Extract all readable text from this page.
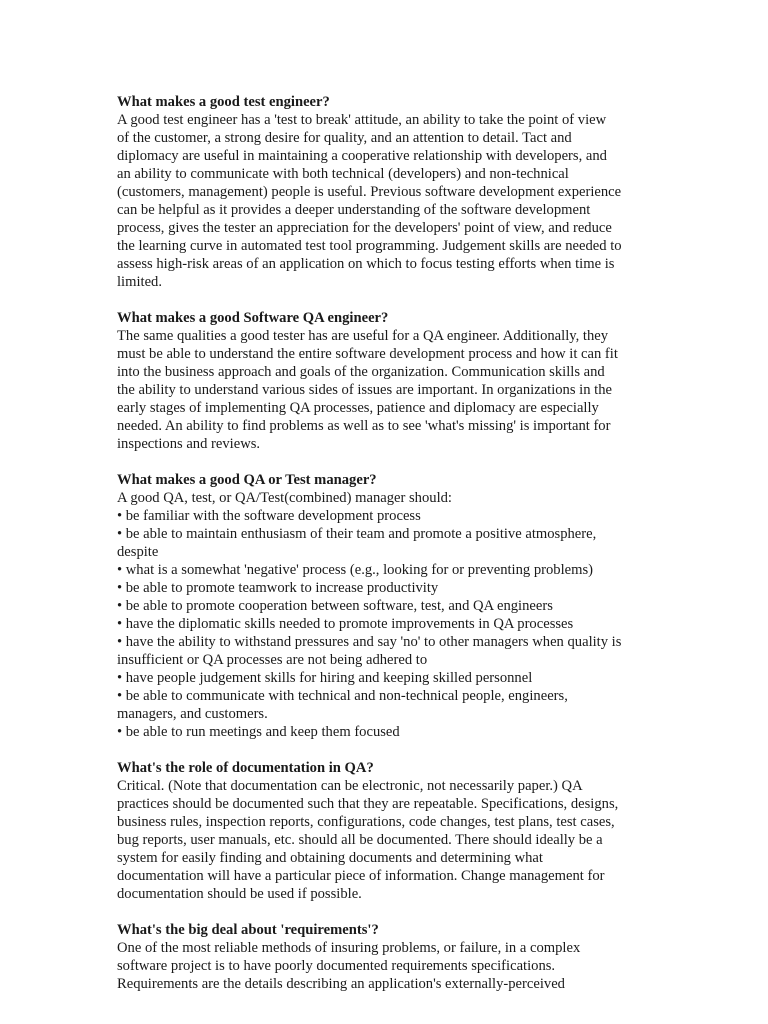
What makes a good test engineer?
A good test engineer has a 'test to break' attitude, an ability to take the point of view
of the customer, a strong desire for quality, and an attention to detail. Tact and
diplomacy are useful in maintaining a cooperative relationship with developers, and
an ability to communicate with both technical (developers) and non-technical
(customers, management) people is useful. Previous software development experience
can be helpful as it provides a deeper understanding of the software development
process, gives the tester an appreciation for the developers' point of view, and reduce
the learning curve in automated test tool programming. Judgement skills are needed to
assess high-risk areas of an application on which to focus testing efforts when time is
limited.
What makes a good Software QA engineer?
The same qualities a good tester has are useful for a QA engineer. Additionally, they
must be able to understand the entire software development process and how it can fit
into the business approach and goals of the organization. Communication skills and
the ability to understand various sides of issues are important. In organizations in the
early stages of implementing QA processes, patience and diplomacy are especially
needed. An ability to find problems as well as to see 'what's missing' is important for
inspections and reviews.
What makes a good QA or Test manager?
A good QA, test, or QA/Test(combined) manager should:
• be familiar with the software development process
• be able to maintain enthusiasm of their team and promote a positive atmosphere,
despite
• what is a somewhat 'negative' process (e.g., looking for or preventing problems)
• be able to promote teamwork to increase productivity
• be able to promote cooperation between software, test, and QA engineers
• have the diplomatic skills needed to promote improvements in QA processes
• have the ability to withstand pressures and say 'no' to other managers when quality is
insufficient or QA processes are not being adhered to
• have people judgement skills for hiring and keeping skilled personnel
• be able to communicate with technical and non-technical people, engineers,
managers, and customers.
• be able to run meetings and keep them focused
What's the role of documentation in QA?
Critical. (Note that documentation can be electronic, not necessarily paper.) QA
practices should be documented such that they are repeatable. Specifications, designs,
business rules, inspection reports, configurations, code changes, test plans, test cases,
bug reports, user manuals, etc. should all be documented. There should ideally be a
system for easily finding and obtaining documents and determining what
documentation will have a particular piece of information. Change management for
documentation should be used if possible.
What's the big deal about 'requirements'?
One of the most reliable methods of insuring problems, or failure, in a complex
software project is to have poorly documented requirements specifications.
Requirements are the details describing an application's externally-perceived
